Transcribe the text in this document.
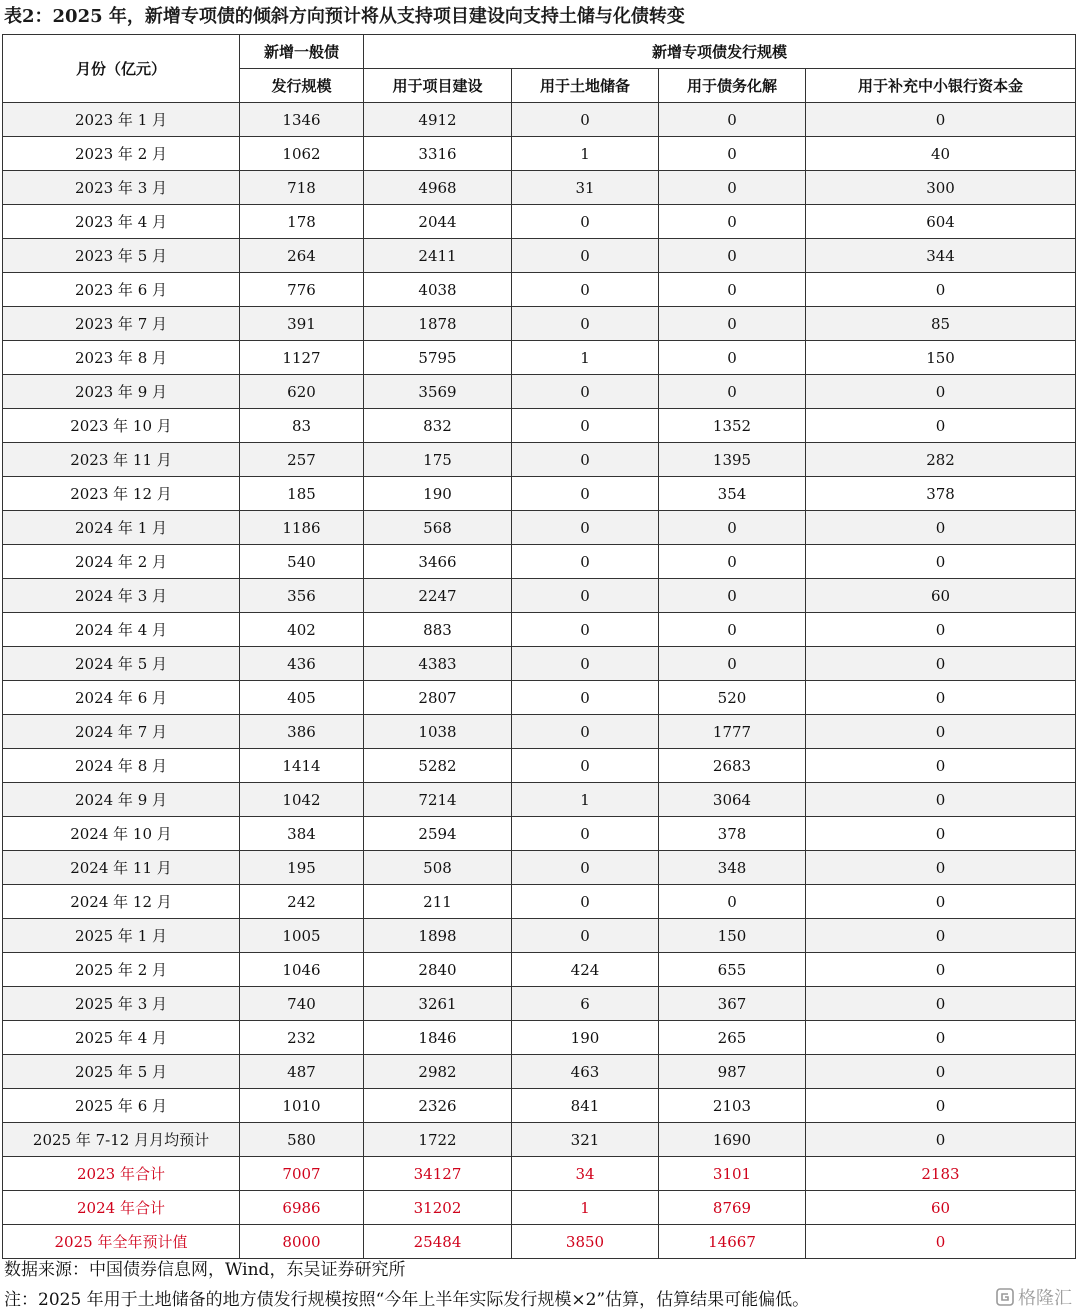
表2：2025 年，新增专项债的倾斜方向预计将从支持项目建设向支持土储与化债转变
月份（亿元）	新增一般债	新增专项债发行规模			
	发行规模	用于项目建设	用于土地储备	用于债务化解	用于补充中小银行资本金
2023 年 1 月	1346	4912	0	0	0
2023 年 2 月	1062	3316	1	0	40
2023 年 3 月	718	4968	31	0	300
2023 年 4 月	178	2044	0	0	604
2023 年 5 月	264	2411	0	0	344
2023 年 6 月	776	4038	0	0	0
2023 年 7 月	391	1878	0	0	85
2023 年 8 月	1127	5795	1	0	150
2023 年 9 月	620	3569	0	0	0
2023 年 10 月	83	832	0	1352	0
2023 年 11 月	257	175	0	1395	282
2023 年 12 月	185	190	0	354	378
2024 年 1 月	1186	568	0	0	0
2024 年 2 月	540	3466	0	0	0
2024 年 3 月	356	2247	0	0	60
2024 年 4 月	402	883	0	0	0
2024 年 5 月	436	4383	0	0	0
2024 年 6 月	405	2807	0	520	0
2024 年 7 月	386	1038	0	1777	0
2024 年 8 月	1414	5282	0	2683	0
2024 年 9 月	1042	7214	1	3064	0
2024 年 10 月	384	2594	0	378	0
2024 年 11 月	195	508	0	348	0
2024 年 12 月	242	211	0	0	0
2025 年 1 月	1005	1898	0	150	0
2025 年 2 月	1046	2840	424	655	0
2025 年 3 月	740	3261	6	367	0
2025 年 4 月	232	1846	190	265	0
2025 年 5 月	487	2982	463	987	0
2025 年 6 月	1010	2326	841	2103	0
2025 年 7-12 月月均预计	580	1722	321	1690	0
2023 年合计	7007	34127	34	3101	2183
2024 年合计	6986	31202	1	8769	60
2025 年全年预计值	8000	25484	3850	14667	0
数据来源：中国债券信息网，Wind，东吴证券研究所
注：2025 年用于土地储备的地方债发行规模按照“今年上半年实际发行规模×2”估算，估算结果可能偏低。	格隆汇
